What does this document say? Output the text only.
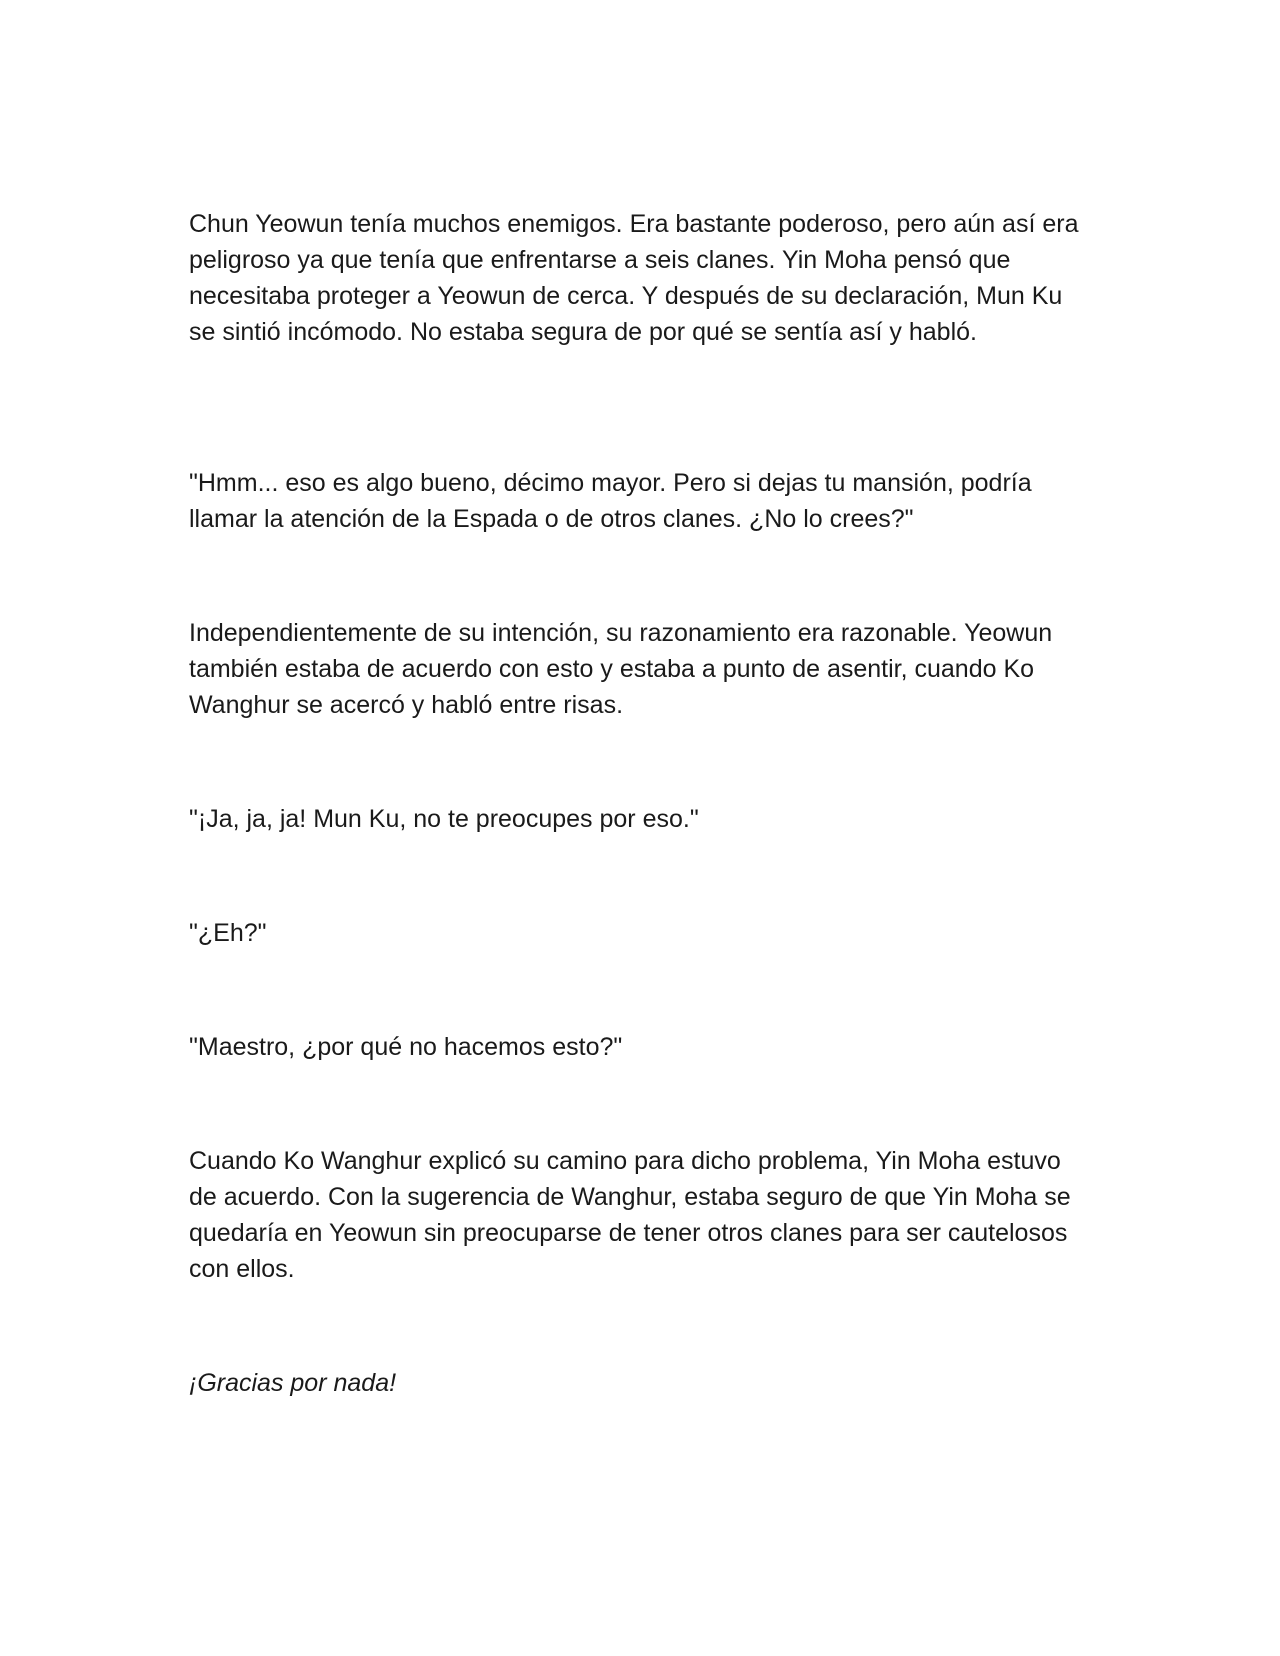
Chun Yeowun tenía muchos enemigos. Era bastante poderoso, pero aún así era peligroso ya que tenía que enfrentarse a seis clanes. Yin Moha pensó que necesitaba proteger a Yeowun de cerca. Y después de su declaración, Mun Ku se sintió incómodo. No estaba segura de por qué se sentía así y habló.

"Hmm... eso es algo bueno, décimo mayor. Pero si dejas tu mansión, podría llamar la atención de la Espada o de otros clanes. ¿No lo crees?"

Independientemente de su intención, su razonamiento era razonable. Yeowun también estaba de acuerdo con esto y estaba a punto de asentir, cuando Ko Wanghur se acercó y habló entre risas.

"¡Ja, ja, ja! Mun Ku, no te preocupes por eso."

"¿Eh?"

"Maestro, ¿por qué no hacemos esto?"

Cuando Ko Wanghur explicó su camino para dicho problema, Yin Moha estuvo de acuerdo. Con la sugerencia de Wanghur, estaba seguro de que Yin Moha se quedaría en Yeowun sin preocuparse de tener otros clanes para ser cautelosos con ellos.

¡Gracias por nada!
